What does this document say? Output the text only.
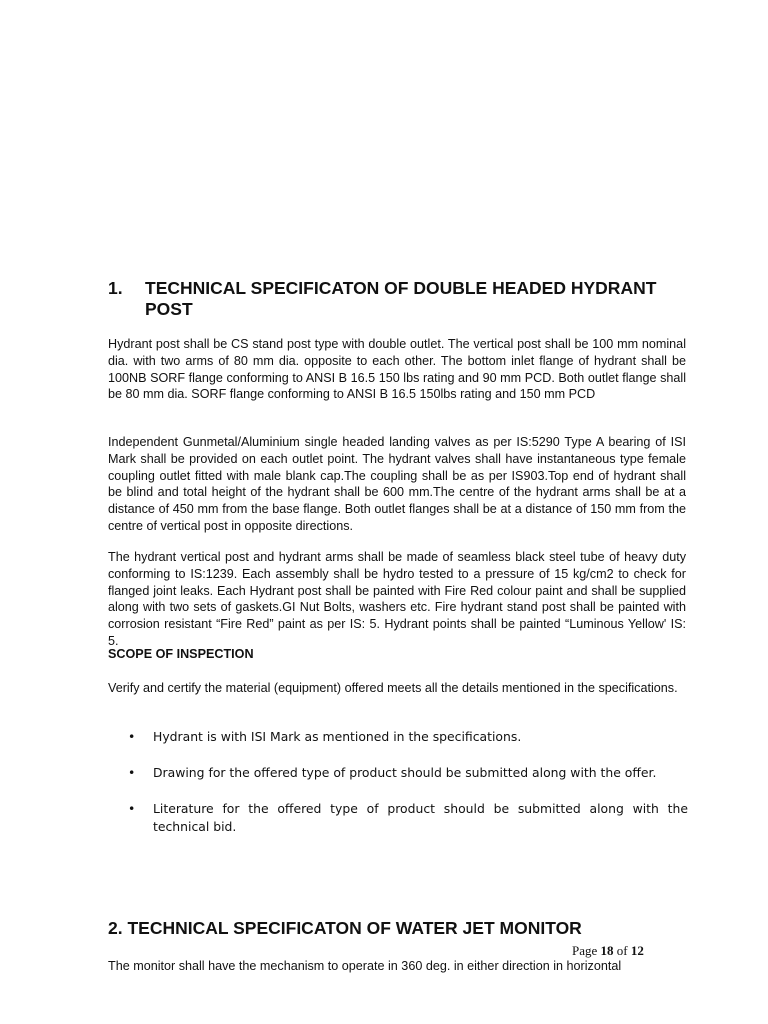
1.	TECHNICAL SPECIFICATON OF DOUBLE HEADED HYDRANT POST

Hydrant post shall be CS stand post type with double outlet. The vertical post shall be 100 mm nominal dia. with two arms of 80 mm dia. opposite to each other. The bottom inlet flange of hydrant shall be 100NB SORF flange conforming to ANSI B 16.5 150 lbs rating and 90 mm PCD. Both outlet flange shall be 80 mm dia. SORF flange conforming to ANSI B 16.5 150lbs rating and 150 mm PCD

Independent Gunmetal/Aluminium single headed landing valves as per IS:5290 Type A bearing of ISI Mark shall be provided on each outlet point. The hydrant valves shall have instantaneous type female coupling outlet fitted with male blank cap.The coupling shall be as per IS903.Top end of hydrant shall be blind and total height of the hydrant shall be 600 mm.The centre of the hydrant arms shall be at a distance of 450 mm from the base flange. Both outlet flanges shall be at a distance of 150 mm from the centre of vertical post in opposite directions.

The hydrant vertical post and hydrant arms shall be made of seamless black steel tube of heavy duty conforming to IS:1239. Each assembly shall be hydro tested to a pressure of 15 kg/cm2 to check for flanged joint leaks. Each Hydrant post shall be painted with Fire Red colour paint and shall be supplied along with two sets of gaskets.GI Nut Bolts, washers etc. Fire hydrant stand post shall be painted with corrosion resistant “Fire Red” paint as per IS: 5. Hydrant points shall be painted “Luminous Yellow' IS: 5.

SCOPE OF INSPECTION

Verify and certify the material (equipment) offered meets all the details mentioned in the specifications.

•	Hydrant is with ISI Mark as mentioned in the specifications.
•	Drawing for the offered type of product should be submitted along with the offer.
•	Literature for the offered type of product should be submitted along with the technical bid.
2. TECHNICAL SPECIFICATON OF WATER JET MONITOR
Page 18 of 12

The monitor shall have the mechanism to operate in 360 deg. in either direction in horizontal
